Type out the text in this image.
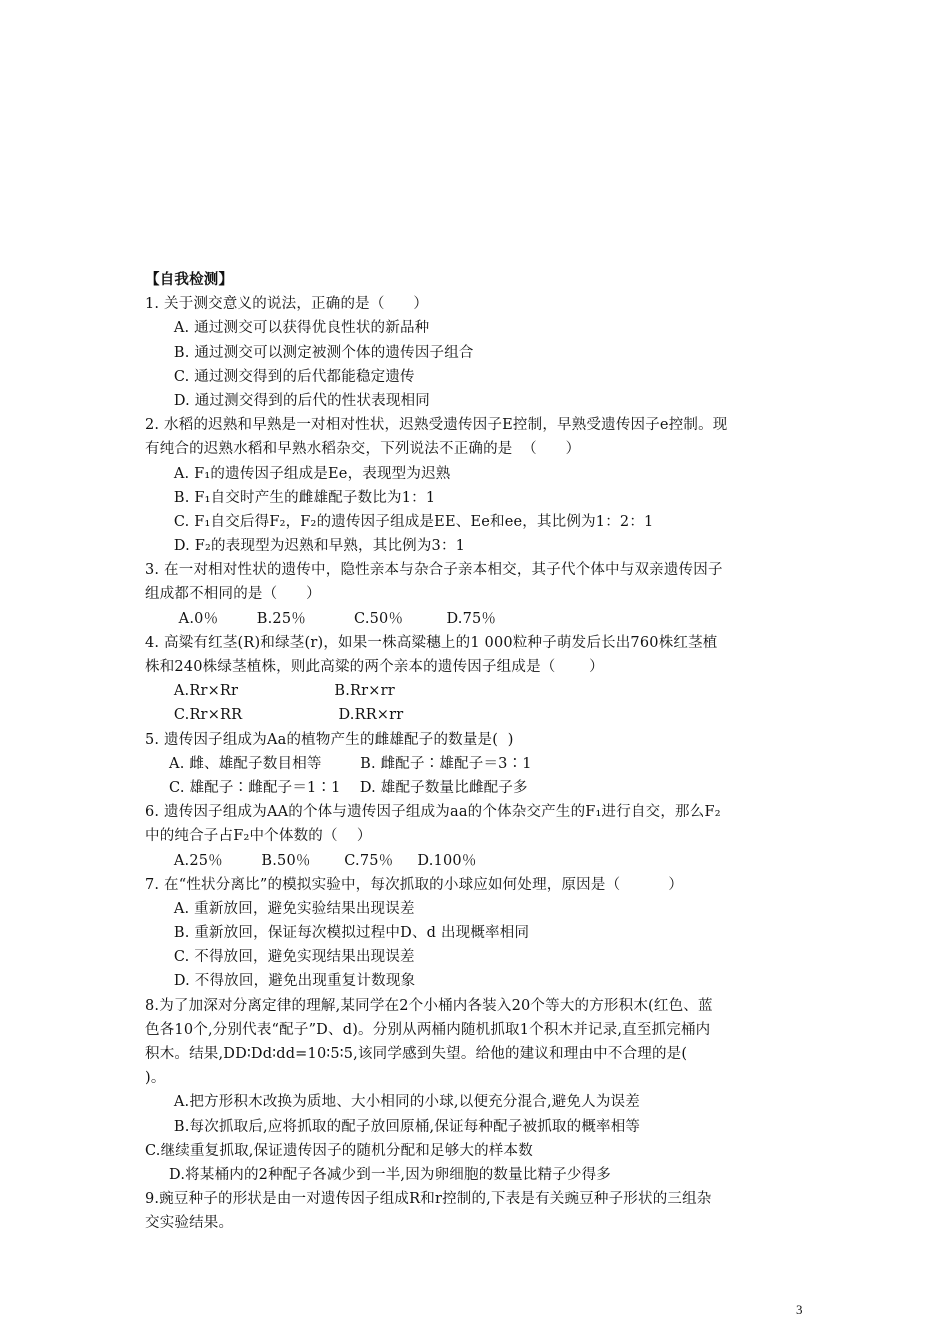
【自我检测】
1. 关于测交意义的说法，正确的是（      ）
A. 通过测交可以获得优良性状的新品种
B. 通过测交可以测定被测个体的遗传因子组合
C. 通过测交得到的后代都能稳定遗传
D. 通过测交得到的后代的性状表现相同
2. 水稻的迟熟和早熟是一对相对性状，迟熟受遗传因子E控制，早熟受遗传因子e控制。现
有纯合的迟熟水稻和早熟水稻杂交，下列说法不正确的是  （      ）
A. F₁的遗传因子组成是Ee，表现型为迟熟
B. F₁自交时产生的雌雄配子数比为1：1
C. F₁自交后得F₂，F₂的遗传因子组成是EE、Ee和ee，其比例为1：2：1
D. F₂的表现型为迟熟和早熟，其比例为3：1
3. 在一对相对性状的遗传中，隐性亲本与杂合子亲本相交，其子代个体中与双亲遗传因子
组成都不相同的是（      ）
A.0％        B.25％          C.50％         D.75％
4. 高粱有红茎(R)和绿茎(r)，如果一株高粱穗上的1 000粒种子萌发后长出760株红茎植
株和240株绿茎植株，则此高粱的两个亲本的遗传因子组成是（       ）
A.Rr×Rr                    B.Rr×rr
C.Rr×RR                    D.RR×rr
5. 遗传因子组成为Aa的植物产生的雌雄配子的数量是(  )
A. 雌、雄配子数目相等        B. 雌配子∶雄配子＝3∶1
C. 雄配子∶雌配子＝1∶1    D. 雄配子数量比雌配子多
6. 遗传因子组成为AA的个体与遗传因子组成为aa的个体杂交产生的F₁进行自交，那么F₂
中的纯合子占F₂中个体数的（    ）
A.25％        B.50％       C.75％     D.100％
7. 在“性状分离比”的模拟实验中，每次抓取的小球应如何处理，原因是（          ）
A. 重新放回，避免实验结果出现误差
B. 重新放回，保证每次模拟过程中D、d 出现概率相同
C. 不得放回，避免实现结果出现误差
D. 不得放回，避免出现重复计数现象
8.为了加深对分离定律的理解,某同学在2个小桶内各装入20个等大的方形积木(红色、蓝
色各10个,分别代表“配子”D、d)。分别从两桶内随机抓取1个积木并记录,直至抓完桶内
积木。结果,DD∶Dd∶dd=10∶5∶5,该同学感到失望。给他的建议和理由中不合理的是(
)。
A.把方形积木改换为质地、大小相同的小球,以便充分混合,避免人为误差
B.每次抓取后,应将抓取的配子放回原桶,保证每种配子被抓取的概率相等
C.继续重复抓取,保证遗传因子的随机分配和足够大的样本数
D.将某桶内的2种配子各减少到一半,因为卵细胞的数量比精子少得多
9.豌豆种子的形状是由一对遗传因子组成R和r控制的,下表是有关豌豆种子形状的三组杂
交实验结果。
3
